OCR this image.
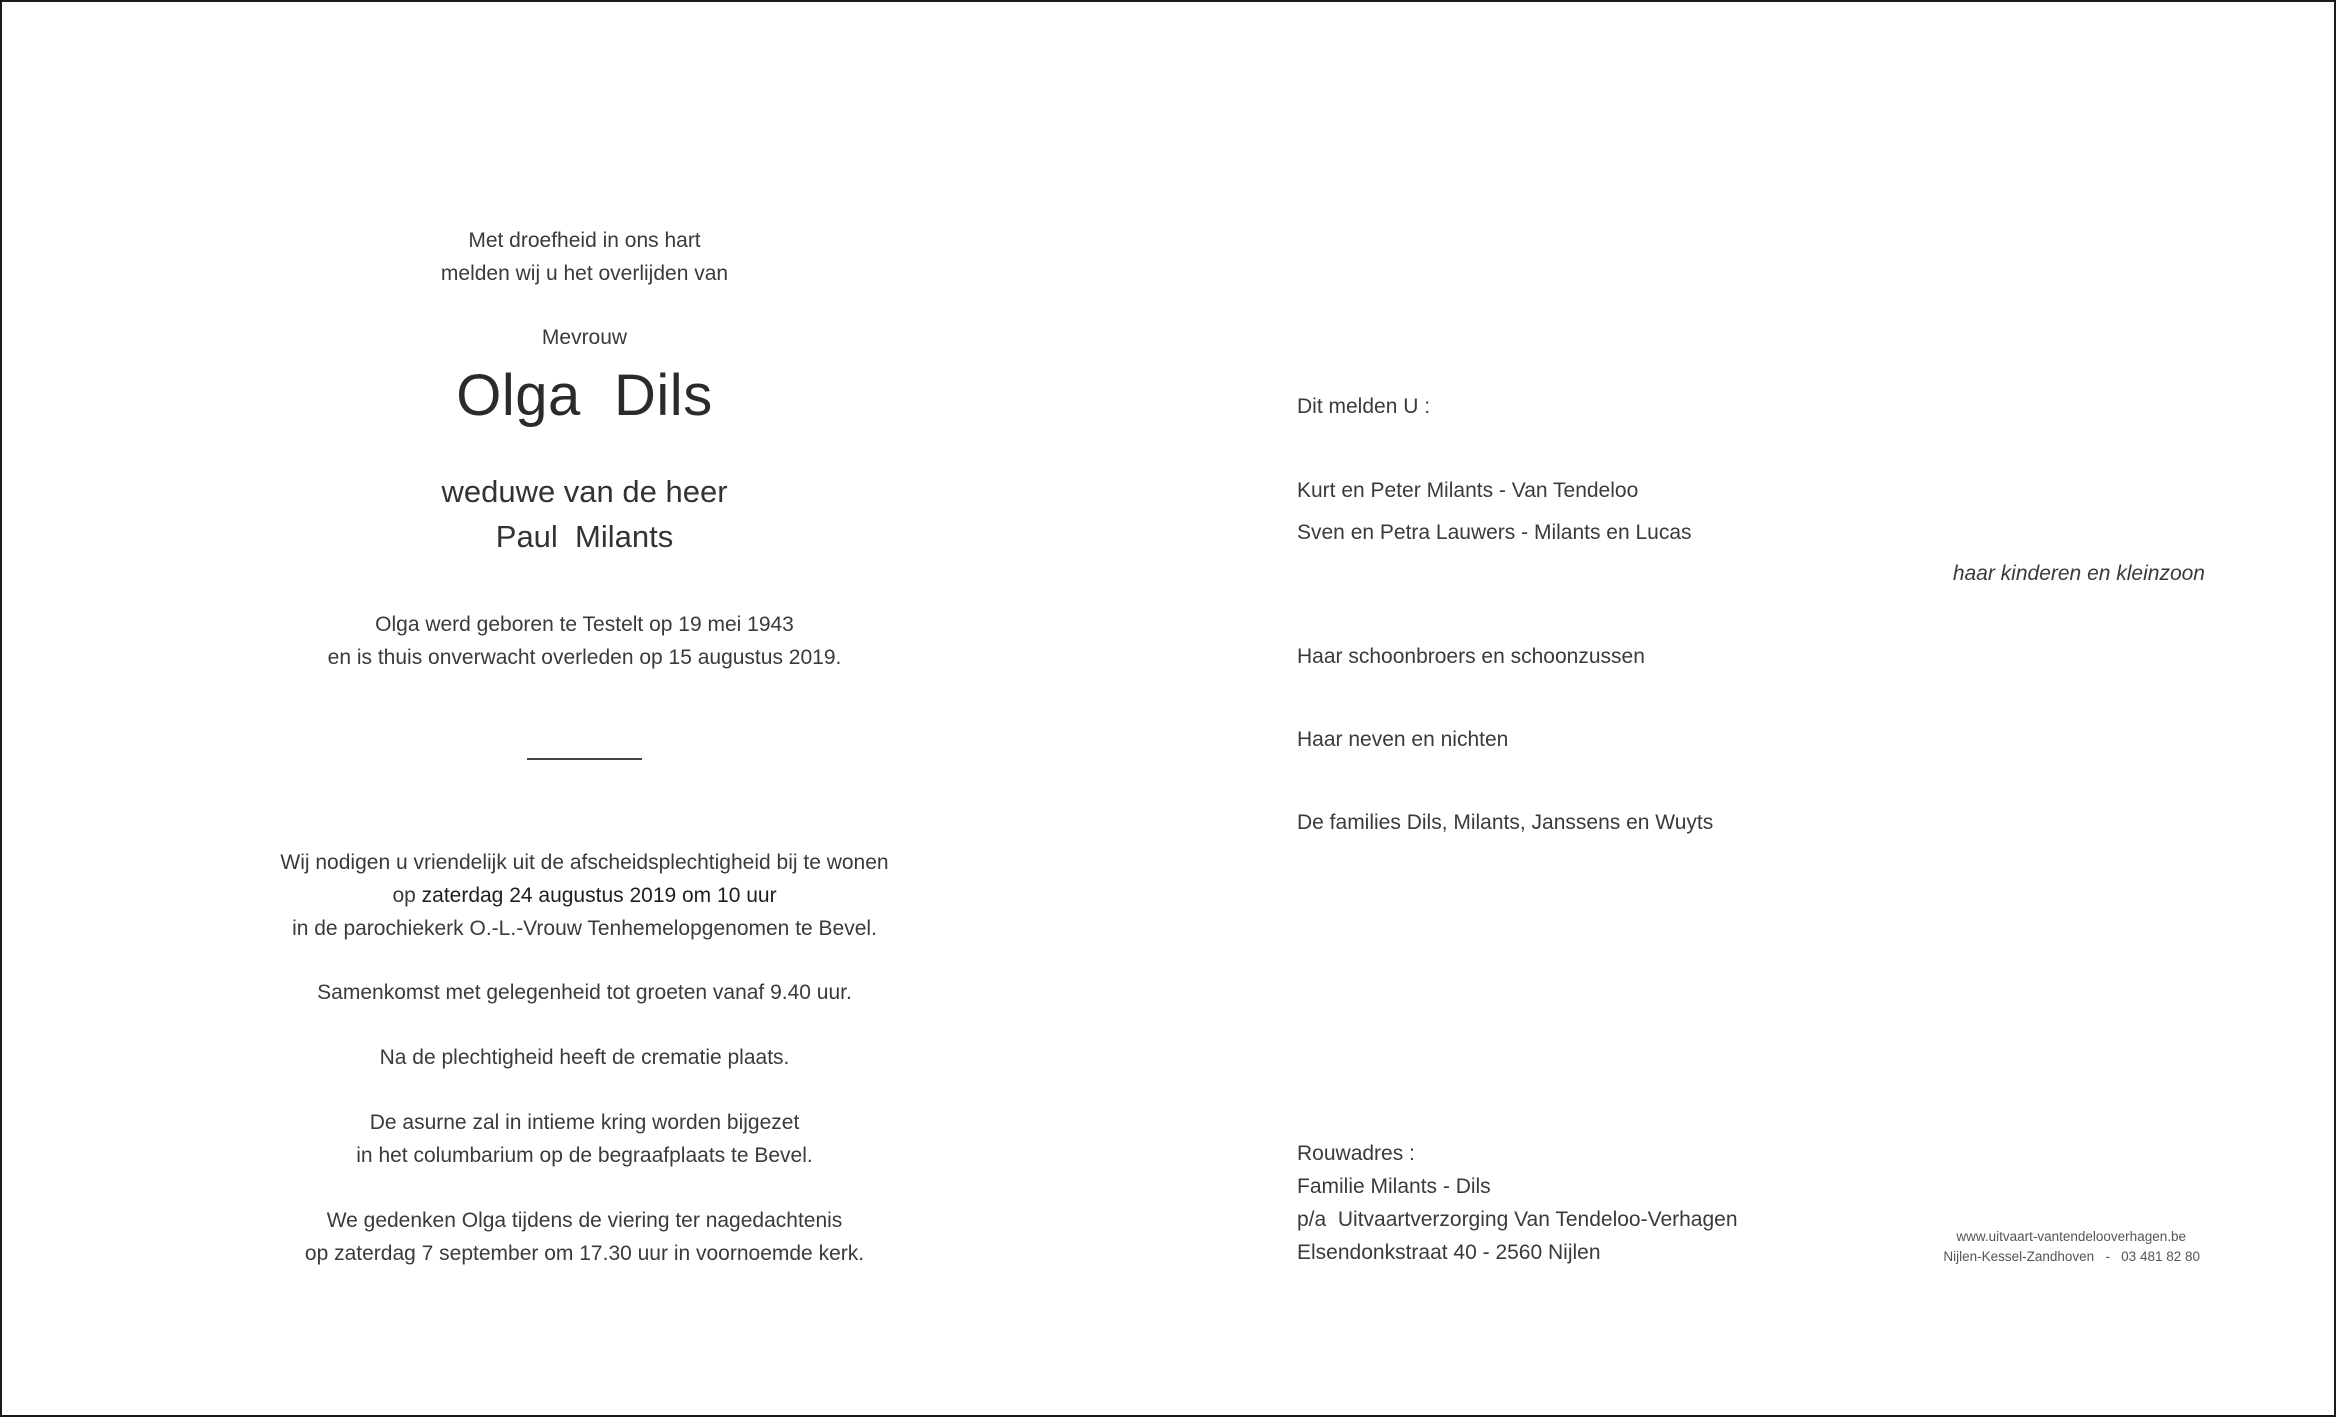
Met droefheid in ons hart
melden wij u het overlijden van
Mevrouw
Olga  Dils
weduwe van de heer
Paul  Milants
Olga werd geboren te Testelt op 19 mei 1943
en is thuis onverwacht overleden op 15 augustus 2019.
Wij nodigen u vriendelijk uit de afscheidsplechtigheid bij te wonen
op zaterdag 24 augustus 2019 om 10 uur
in de parochiekerk O.-L.-Vrouw Tenhemelopgenomen te Bevel.
Samenkomst met gelegenheid tot groeten vanaf 9.40 uur.
Na de plechtigheid heeft de crematie plaats.
De asurne zal in intieme kring worden bijgezet
in het columbarium op de begraafplaats te Bevel.
We gedenken Olga tijdens de viering ter nagedachtenis
op zaterdag 7 september om 17.30 uur in voornoemde kerk.
Dit melden U :
Kurt en Peter Milants - Van Tendeloo
Sven en Petra Lauwers - Milants en Lucas
haar kinderen en kleinzoon
Haar schoonbroers en schoonzussen
Haar neven en nichten
De families Dils, Milants, Janssens en Wuyts
Rouwadres :
Familie Milants - Dils
p/a  Uitvaartverzorging Van Tendeloo-Verhagen
Elsendonkstraat 40 - 2560 Nijlen
www.uitvaart-vantendelooverhagen.be
Nijlen-Kessel-Zandhoven   -   03 481 82 80
